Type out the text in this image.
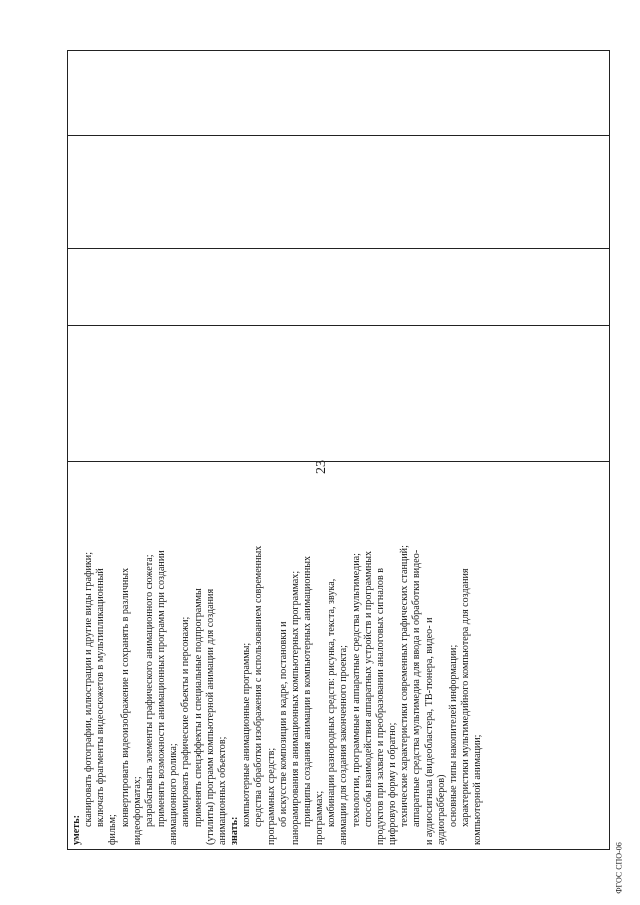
23
уметь:
сканировать фотографии, иллюстрации и другие виды графики; включать фрагменты видеосюжетов в мультипликационный
фильм;
конвертировать видеоизображение и сохранять в различных видеоформатах; разрабатывать элементы графического анимационного сюжета; применять возможности анимационных программ при создании анимационного ролика; анимировать графические объекты и персонажи; применять спецэффекты и специальные подпрограммы (утилиты) программ компьютерной анимации для создания анимационных объектов; знать:
компьютерные анимационные программы; средства обработки изображения с использованием современных программных средств; об искусстве композиции в кадре, постановки и панорамирования в анимационных компьютерных программах; принципы создания анимации в компьютерных анимационных программах; комбинации разнородных средств: рисунка, текста, звука, анимации для создания законченного проекта; технологии, программные и аппаратные средства мультимедиа; способы взаимодействия аппаратных устройств и программных продуктов при захвате и преобразовании аналоговых сигналов в цифровую форму и обратно; технические характеристики современных графических станций; аппаратные средства мультимедиа для ввода и обработки видео- и аудиосигнала (видеобластера, ТВ-тюнера, видео- и аудиограбберов) основные типы накопителей информации; характеристики мультимедийного компьютера для создания компьютерной анимации;
ФГОС СПО-06
